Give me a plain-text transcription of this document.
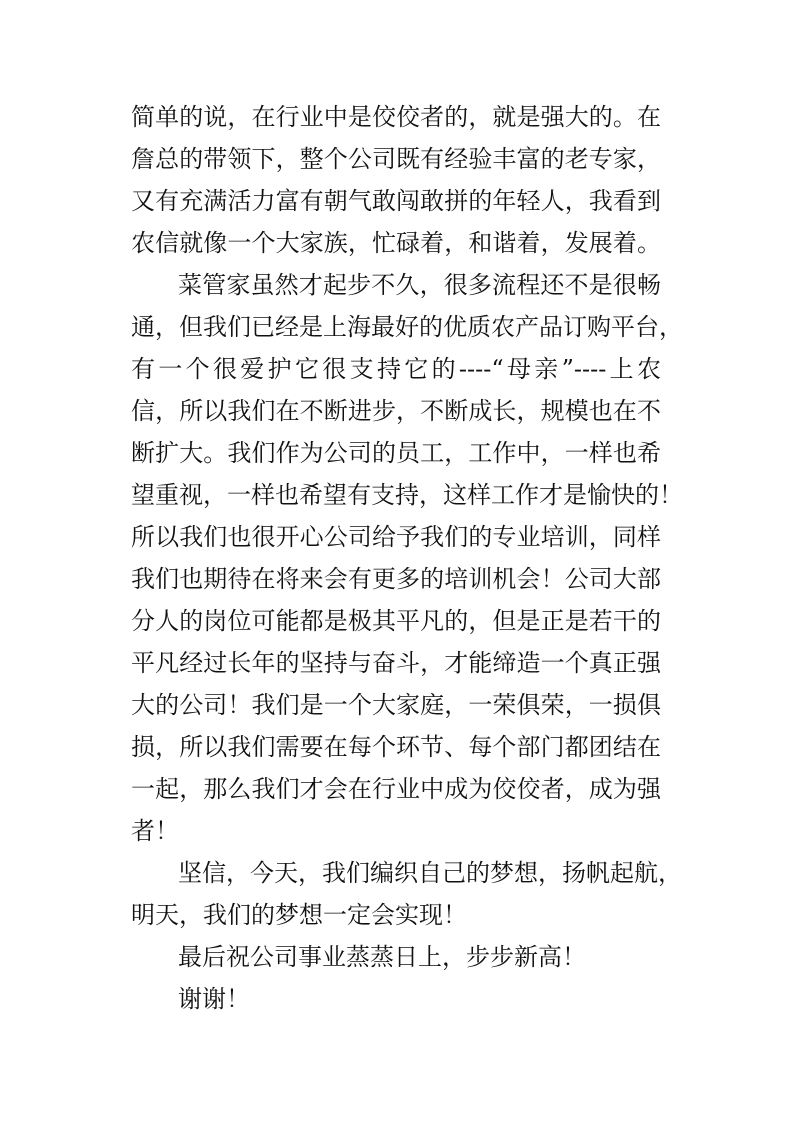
简单的说，在行业中是佼佼者的，就是强大的。在
詹总的带领下，整个公司既有经验丰富的老专家，
又有充满活力富有朝气敢闯敢拼的年轻人，我看到
农信就像一个大家族，忙碌着，和谐着，发展着。
菜管家虽然才起步不久，很多流程还不是很畅
通，但我们已经是上海最好的优质农产品订购平台，
有一个很爱护它很支持它的----“母亲”----上农
信，所以我们在不断进步，不断成长，规模也在不
断扩大。我们作为公司的员工，工作中，一样也希
望重视，一样也希望有支持，这样工作才是愉快的！
所以我们也很开心公司给予我们的专业培训，同样
我们也期待在将来会有更多的培训机会！公司大部
分人的岗位可能都是极其平凡的，但是正是若干的
平凡经过长年的坚持与奋斗，才能缔造一个真正强
大的公司！我们是一个大家庭，一荣俱荣，一损俱
损，所以我们需要在每个环节、每个部门都团结在
一起，那么我们才会在行业中成为佼佼者，成为强
者！
坚信，今天，我们编织自己的梦想，扬帆起航，
明天，我们的梦想一定会实现！
最后祝公司事业蒸蒸日上，步步新高！
谢谢！
